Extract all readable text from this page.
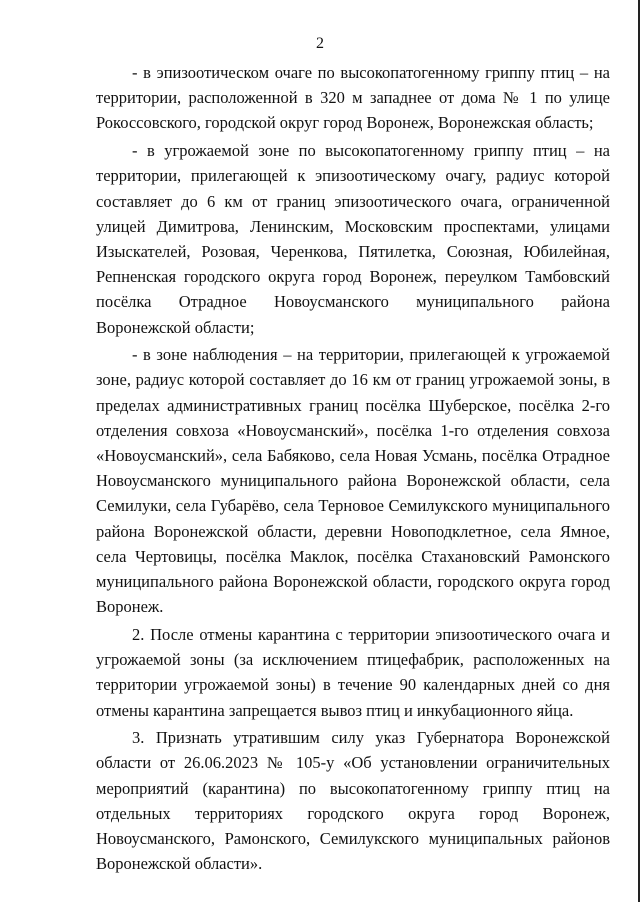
2

- в эпизоотическом очаге по высокопатогенному гриппу птиц – на территории, расположенной в 320 м западнее от дома № 1 по улице Рокоссовского, городской округ город Воронеж, Воронежская область;

- в угрожаемой зоне по высокопатогенному гриппу птиц – на территории, прилегающей к эпизоотическому очагу, радиус которой составляет до 6 км от границ эпизоотического очага, ограниченной улицей Димитрова, Ленинским, Московским проспектами, улицами Изыскателей, Розовая, Черенкова, Пятилетка, Союзная, Юбилейная, Репненская городского округа город Воронеж, переулком Тамбовский посёлка Отрадное Новоусманского муниципального района Воронежской области;

- в зоне наблюдения – на территории, прилегающей к угрожаемой зоне, радиус которой составляет до 16 км от границ угрожаемой зоны, в пределах административных границ посёлка Шуберское, посёлка 2-го отделения совхоза «Новоусманский», посёлка 1-го отделения совхоза «Новоусманский», села Бабяково, села Новая Усмань, посёлка Отрадное Новоусманского муниципального района Воронежской области, села Семилуки, села Губарёво, села Терновое Семилукского муниципального района Воронежской области, деревни Новоподклетное, села Ямное, села Чертовицы, посёлка Маклок, посёлка Стахановский Рамонского муниципального района Воронежской области, городского округа город Воронеж.

2. После отмены карантина с территории эпизоотического очага и угрожаемой зоны (за исключением птицефабрик, расположенных на территории угрожаемой зоны) в течение 90 календарных дней со дня отмены карантина запрещается вывоз птиц и инкубационного яйца.

3. Признать утратившим силу указ Губернатора Воронежской области от 26.06.2023 № 105-у «Об установлении ограничительных мероприятий (карантина) по высокопатогенному гриппу птиц на отдельных территориях городского округа город Воронеж, Новоусманского, Рамонского, Семилукского муниципальных районов Воронежской области».
